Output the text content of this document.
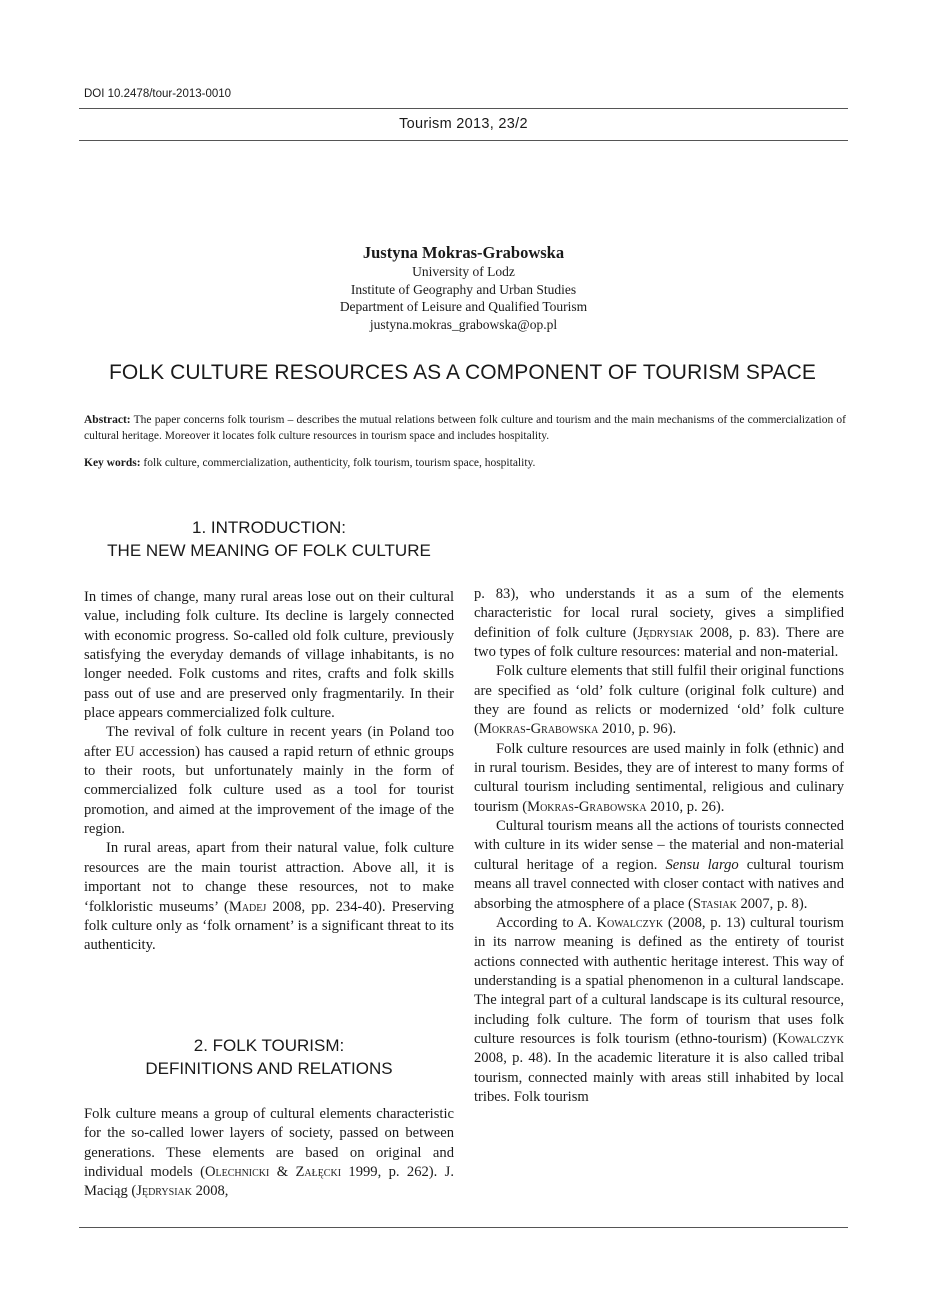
DOI 10.2478/tour-2013-0010
Tourism 2013, 23/2
Justyna Mokras-Grabowska
University of Lodz
Institute of Geography and Urban Studies
Department of Leisure and Qualified Tourism
justyna.mokras_grabowska@op.pl
FOLK CULTURE RESOURCES AS A COMPONENT OF TOURISM SPACE
Abstract: The paper concerns folk tourism – describes the mutual relations between folk culture and tourism and the main mechanisms of the commercialization of cultural heritage. Moreover it locates folk culture resources in tourism space and includes hospitality.
Key words: folk culture, commercialization, authenticity, folk tourism, tourism space, hospitality.
1. INTRODUCTION:
THE NEW MEANING OF FOLK CULTURE

In times of change, many rural areas lose out on their cultural value, including folk culture. Its decline is largely connected with economic progress. So-called old folk culture, previously satisfying the everyday demands of village inhabitants, is no longer needed. Folk customs and rites, crafts and folk skills pass out of use and are preserved only fragmentarily. In their place appears commercialized folk culture.

The revival of folk culture in recent years (in Poland too after EU accession) has caused a rapid return of ethnic groups to their roots, but unfortunately mainly in the form of commercialized folk culture used as a tool for tourist promotion, and aimed at the improvement of the image of the region.

In rural areas, apart from their natural value, folk culture resources are the main tourist attraction. Above all, it is important not to change these resources, not to make ‘folkloristic museums’ (Madej 2008, pp. 234-40). Preserving folk culture only as ‘folk ornament’ is a significant threat to its authenticity.

2. FOLK TOURISM:
DEFINITIONS AND RELATIONS

Folk culture means a group of cultural elements characteristic for the so-called lower layers of society, passed on between generations. These elements are based on original and individual models (Olechnicki & Załęcki 1999, p. 262). J. Maciąg (Jędrysiak 2008,

p. 83), who understands it as a sum of the elements characteristic for local rural society, gives a simplified definition of folk culture (Jędrysiak 2008, p. 83). There are two types of folk culture resources: material and non-material.

Folk culture elements that still fulfil their original functions are specified as ‘old’ folk culture (original folk culture) and they are found as relicts or modernized ‘old’ folk culture (Mokras-Grabowska 2010, p. 96).

Folk culture resources are used mainly in folk (ethnic) and in rural tourism. Besides, they are of interest to many forms of cultural tourism including sentimental, religious and culinary tourism (Mokras-Grabowska 2010, p. 26).

Cultural tourism means all the actions of tourists connected with culture in its wider sense – the material and non-material cultural heritage of a region. Sensu largo cultural tourism means all travel connected with closer contact with natives and absorbing the atmosphere of a place (Stasiak 2007, p. 8).

According to A. Kowalczyk (2008, p. 13) cultural tourism in its narrow meaning is defined as the entirety of tourist actions connected with authentic heritage interest. This way of understanding is a spatial phenomenon in a cultural landscape. The integral part of a cultural landscape is its cultural resource, including folk culture. The form of tourism that uses folk culture resources is folk tourism (ethno-tourism) (Kowalczyk 2008, p. 48). In the academic literature it is also called tribal tourism, connected mainly with areas still inhabited by local tribes. Folk tourism
